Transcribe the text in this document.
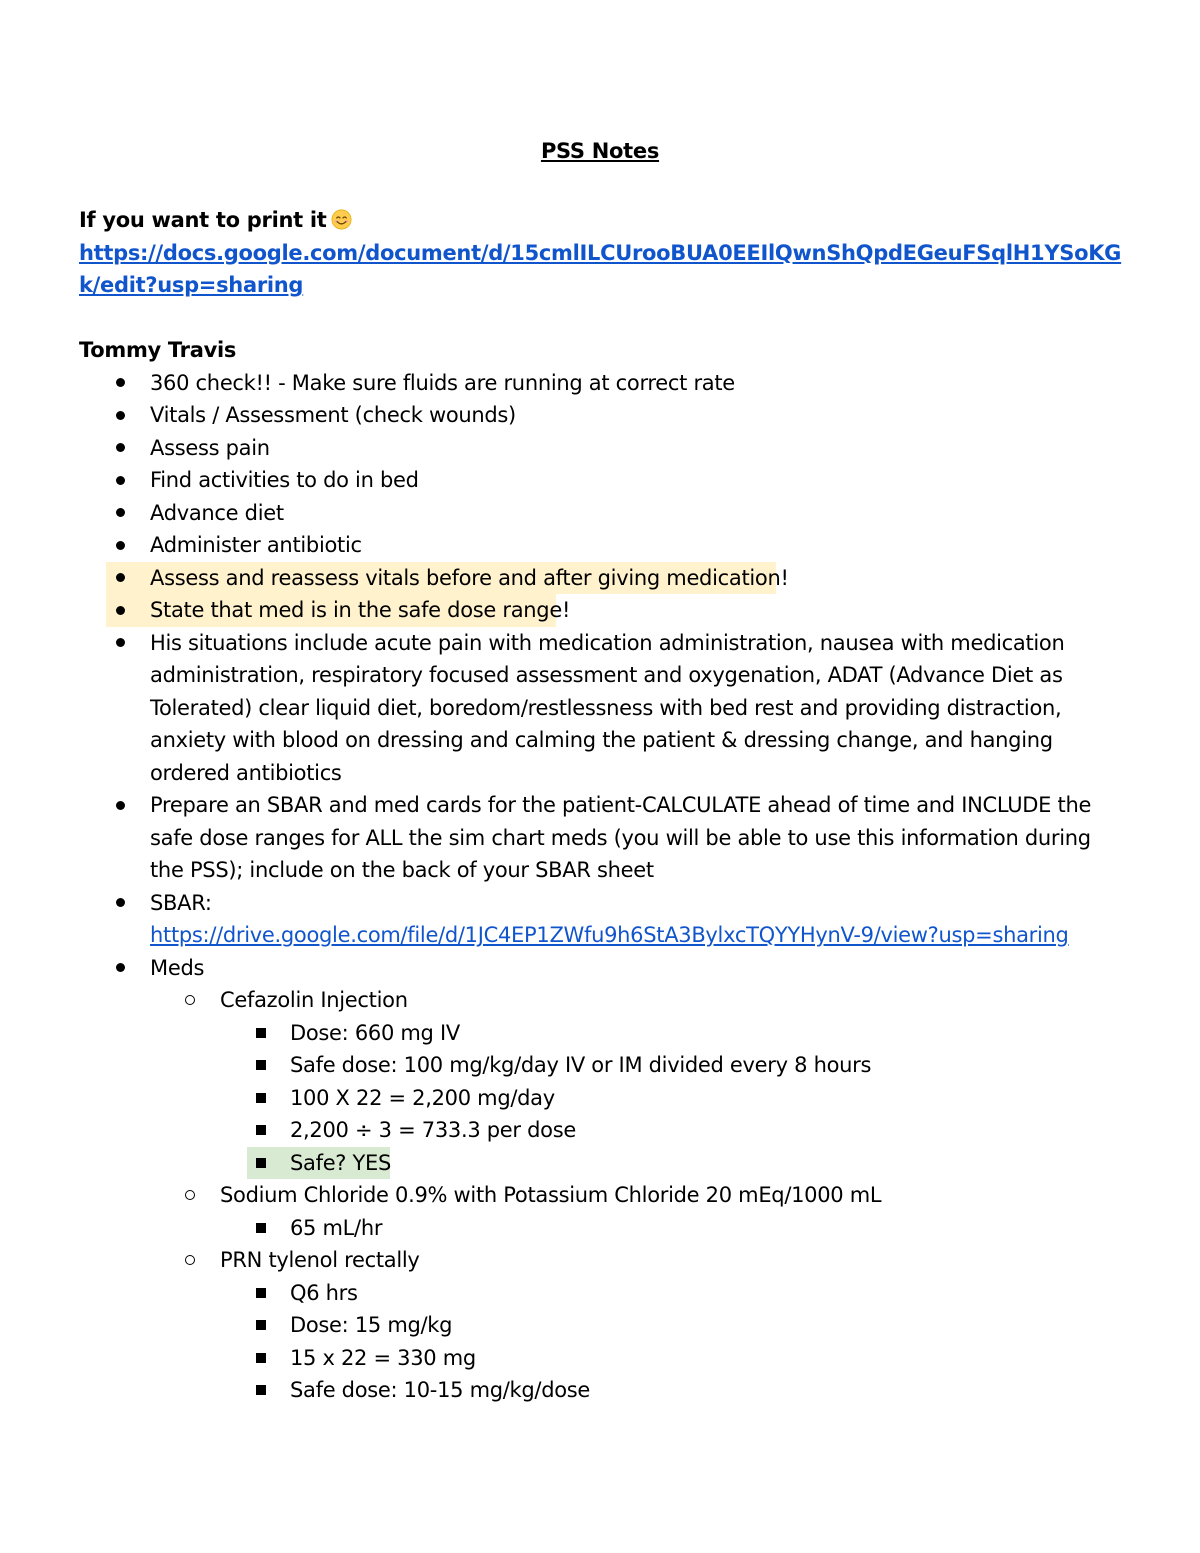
PSS Notes
If you want to print it
https://docs.google.com/document/d/15cmlILCUrooBUA0EEIlQwnShQpdEGeuFSqlH1YSoKGk/edit?usp=sharing
Tommy Travis
360 check!! - Make sure fluids are running at correct rate
Vitals / Assessment (check wounds)
Assess pain
Find activities to do in bed
Advance diet
Administer antibiotic
Assess and reassess vitals before and after giving medication!
State that med is in the safe dose range!
His situations include acute pain with medication administration, nausea with medication administration, respiratory focused assessment and oxygenation, ADAT (Advance Diet as Tolerated) clear liquid diet, boredom/restlessness with bed rest and providing distraction, anxiety with blood on dressing and calming the patient & dressing change, and hanging ordered antibiotics
Prepare an SBAR and med cards for the patient-CALCULATE ahead of time and INCLUDE the safe dose ranges for ALL the sim chart meds (you will be able to use this information during the PSS); include on the back of your SBAR sheet
SBAR:
https://drive.google.com/file/d/1JC4EP1ZWfu9h6StA3BylxcTQYYHynV-9/view?usp=sharing
Meds
Cefazolin Injection
Dose: 660 mg IV
Safe dose: 100 mg/kg/day IV or IM divided every 8 hours
100 X 22 = 2,200 mg/day
2,200 ÷ 3 = 733.3 per dose
Safe? YES
Sodium Chloride 0.9% with Potassium Chloride 20 mEq/1000 mL
65 mL/hr
PRN tylenol rectally
Q6 hrs
Dose: 15 mg/kg
15 x 22 = 330 mg
Safe dose: 10-15 mg/kg/dose
